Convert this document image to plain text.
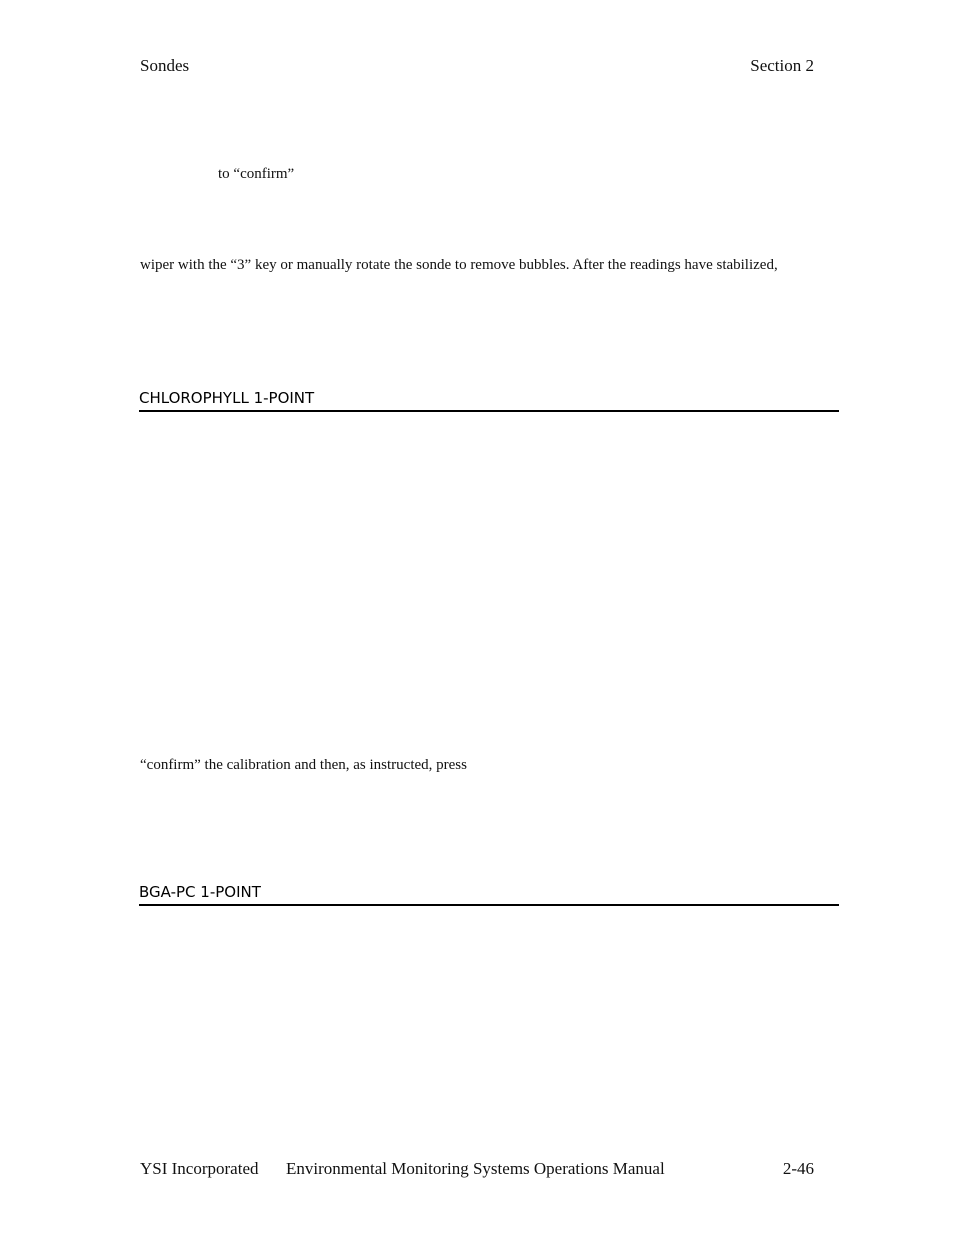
Sondes	Section 2
to “confirm”
wiper with the “3” key or manually rotate the sonde to remove bubbles. After the readings have stabilized,
CHLOROPHYLL 1-POINT
“confirm” the calibration and then, as instructed, press
BGA-PC 1-POINT
YSI Incorporated Environmental Monitoring Systems Operations Manual	2-46
